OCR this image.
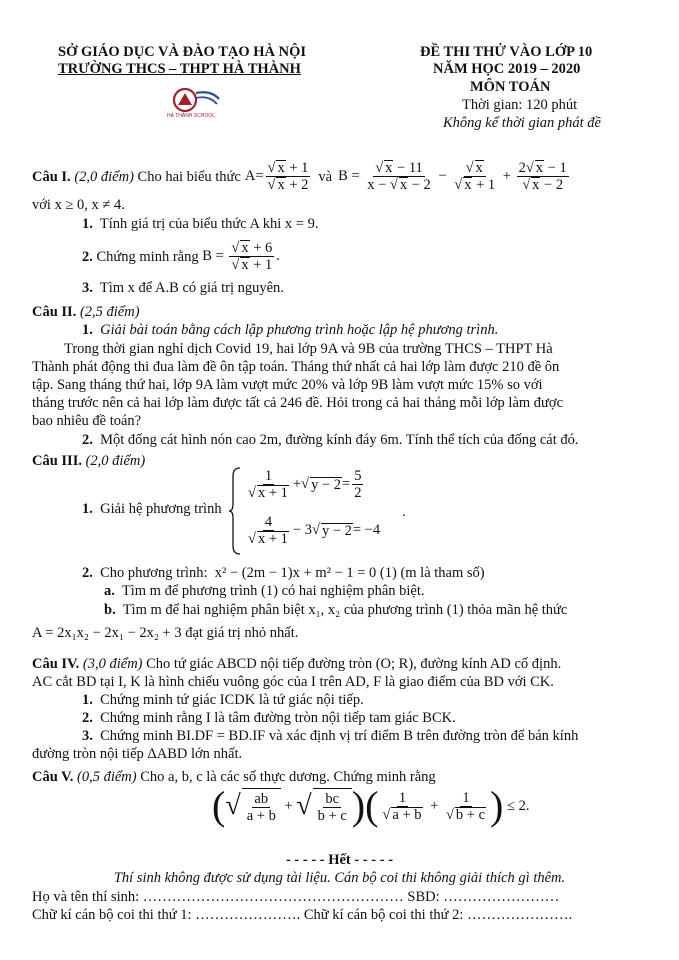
SỞ GIÁO DỤC VÀ ĐÀO TẠO HÀ NỘI
TRƯỜNG THCS – THPT HÀ THÀNH
HÀ THÀNH SCHOOL
ĐỀ THI THỬ VÀO LỚP 10
NĂM HỌC 2019 – 2020
MÔN TOÁN
Thời gian: 120 phút
Không kể thời gian phát đề
Câu I.
(2,0 điểm)
Cho hai biểu thức A= √ x + 1
√ x + 2 và B = √ $\frac{x - 11}{x - √ x - 2}$ − √ x
√ x + 1 + 2 √ x − 1
√ x − 2
với x ≥ 0, x ≠ 4.
1. Tính giá trị của biểu thức A khi x = 9.
2.
Chứng minh rằng
B = √ x + 6
√ x + 1 .
3. Tìm x để A.B có giá trị nguyên.
Câu II. (2,5 điểm)
1. Giải bài toán bằng cách lập phương trình hoặc lập hệ phương trình.
Trong thời gian nghỉ dịch Covid 19, hai lớp 9A và 9B của trường THCS – THPT Hà
Thành phát động thi đua làm đề ôn tập toán. Tháng thứ nhất cả hai lớp làm được 210 đề ôn
tập. Sang tháng thứ hai, lớp 9A làm vượt mức 20% và lớp 9B làm vượt mức 15% so với
tháng trước nên cả hai lớp làm được tất cả 246 đề. Hỏi trong cả hai tháng mỗi lớp làm được
bao nhiêu đề toán?
2. Một đống cát hình nón cao 2m, đường kính đáy 6m. Tính thể tích của đống cát đó.
Câu III. (2,0 điểm)
1. Giải hệ phương trình
1
√ x + 1 + √ $y - 2 = \frac{5}{2}$
4
√ x + 1 − 3 √ y − 2 = −4
.
2. Cho phương trình: x² − (2m − 1)x + m² − 1 = 0 (1) (m là tham số)
a. Tìm m để phương trình (1) có hai nghiệm phân biệt.
b. Tìm m để hai nghiệm phân biệt x₁, x₂ của phương trình (1) thỏa mãn hệ thức
A = 2x₁x₂ − 2x₁ − 2x₂ + 3 đạt giá trị nhỏ nhất.
Câu IV. (3,0 điểm) Cho tứ giác ABCD nội tiếp đường tròn (O; R), đường kính AD cố định.
AC cắt BD tại I, K là hình chiếu vuông góc của I trên AD, F là giao điểm của BD với CK.
1. Chứng minh tứ giác ICDK là tứ giác nội tiếp.
2. Chứng minh rằng I là tâm đường tròn nội tiếp tam giác BCK.
3. Chứng minh BI.DF = BD.IF và xác định vị trí điểm B trên đường tròn để bán kính
đường tròn nội tiếp ΔABD lớn nhất.
Câu V. (0,5 điểm) Cho a, b, c là các số thực dương. Chứng minh rằng
( √ $\frac{ab}{a + b}$ + √ $\frac{bc}{b + c}$ ) ( 1
√ a + b + 1
√ b + c ) ≤ 2.
- - - - - Hết - - - - -
Thí sinh không được sử dụng tài liệu. Cán bộ coi thi không giải thích gì thêm.
Họ và tên thí sinh: ……………………………………………… SBD: ……………………
Chữ kí cán bộ coi thi thứ 1: …………………. Chữ kí cán bộ coi thi thứ 2: ………………….
